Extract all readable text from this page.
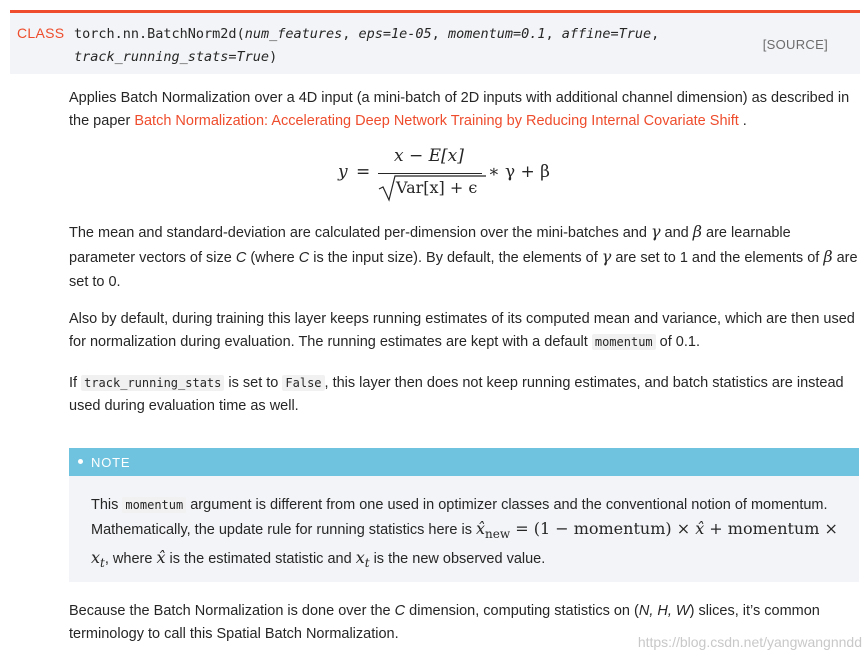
CLASS torch.nn.BatchNorm2d(num_features, eps=1e-05, momentum=0.1, affine=True,
track_running_stats=True)
[SOURCE]
Applies Batch Normalization over a 4D input (a mini-batch of 2D inputs with additional channel dimension) as described in the paper Batch Normalization: Accelerating Deep Network Training by Reducing Internal Covariate Shift .
y =
x − E[x]
Var[x] + ϵ
∗ γ + β
The mean and standard-deviation are calculated per-dimension over the mini-batches and γ and β are learnable parameter vectors of size C (where C is the input size). By default, the elements of γ are set to 1 and the elements of β are set to 0.
Also by default, during training this layer keeps running estimates of its computed mean and variance, which are then used for normalization during evaluation. The running estimates are kept with a default momentum of 0.1.
If track_running_stats is set to False , this layer then does not keep running estimates, and batch statistics are instead used during evaluation time as well.
NOTE
This momentum argument is different from one used in optimizer classes and the conventional notion of momentum. Mathematically, the update rule for running statistics here is $x̂_{new} = (1$ − momentum) × x̂ + momentum × $x_t$, where x̂ is the estimated statistic and $x_t$ is the new observed value.
Because the Batch Normalization is done over the C dimension, computing statistics on (N, H, W) slices, it’s common terminology to call this Spatial Batch Normalization.	https://blog.csdn.net/yangwangnndd
